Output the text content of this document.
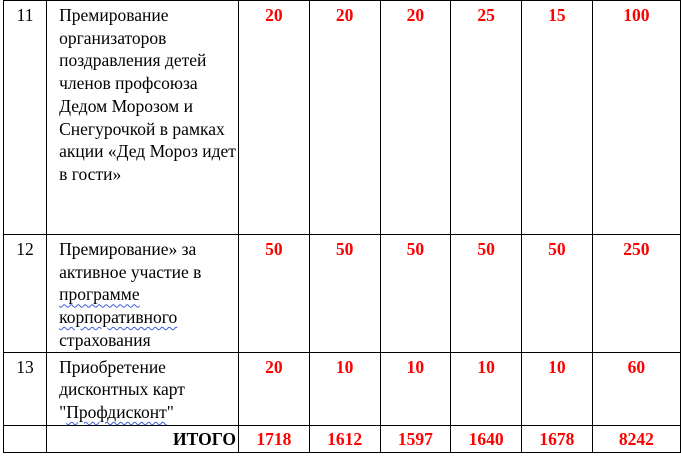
11	Премирование организаторов поздравления детей членов профсоюза Дедом Морозом и Снегурочкой в рамках акции «Дед Мороз идет в гости»	20	20	20	25	15	100

12	Премирование» за активное участие в программе корпоративного страхования	50	50	50	50	50	250

13	Приобретение дисконтных карт "Профдисконт"	20	10	10	10	10	60

	ИТОГО	1718	1612	1597	1640	1678	8242
